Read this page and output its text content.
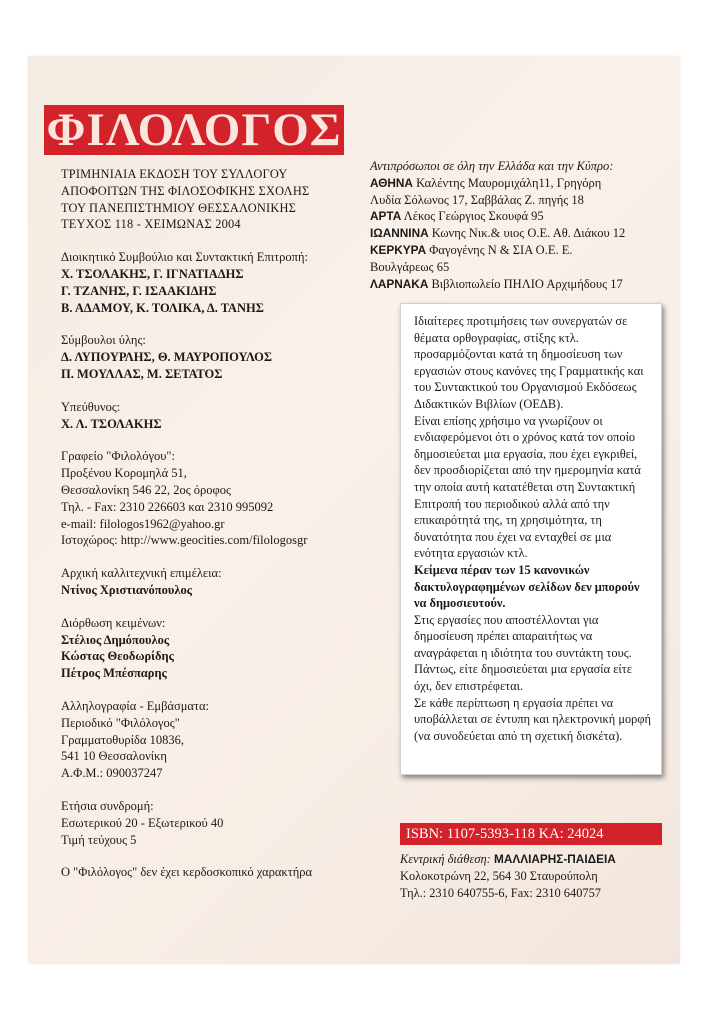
ΦΙΛΟΛΟΓΟΣ
ΤΡΙΜΗΝΙΑΙΑ ΕΚΔΟΣΗ ΤΟΥ ΣΥΛΛΟΓΟΥ
ΑΠΟΦΟΙΤΩΝ ΤΗΣ ΦΙΛΟΣΟΦΙΚΗΣ ΣΧΟΛΗΣ
ΤΟΥ ΠΑΝΕΠΙΣΤΗΜΙΟΥ ΘΕΣΣΑΛΟΝΙΚΗΣ
ΤΕΥΧΟΣ 118 - ΧΕΙΜΩΝΑΣ 2004
Διοικητικό Συμβούλιο και Συντακτική Επιτροπή:
Χ. ΤΣΟΛΑΚΗΣ, Γ. ΙΓΝΑΤΙΑΔΗΣ
Γ. ΤΖΑΝΗΣ, Γ. ΙΣΑΑΚΙΔΗΣ
Β. ΑΔΑΜΟΥ, Κ. ΤΟΛΙΚΑ, Δ. ΤΑΝΗΣ
Σύμβουλοι ύλης:
Δ. ΛΥΠΟΥΡΛΗΣ, Θ. ΜΑΥΡΟΠΟΥΛΟΣ
Π. ΜΟΥΛΛΑΣ, Μ. ΣΕΤΑΤΟΣ
Υπεύθυνος:
Χ. Λ. ΤΣΟΛΑΚΗΣ
Γραφείο "Φιλολόγου":
Προξένου Κορομηλά 51,
Θεσσαλονίκη 546 22, 2ος όροφος
Τηλ. - Fax: 2310 226603 και 2310 995092
e-mail: filologos1962@yahoo.gr
Ιστοχώρος: http://www.geocities.com/filologosgr
Αρχική καλλιτεχνική επιμέλεια:
Ντίνος Χριστιανόπουλος
Διόρθωση κειμένων:
Στέλιος Δημόπουλος
Κώστας Θεοδωρίδης
Πέτρος Μπέσπαρης
Αλληλογραφία - Εμβάσματα:
Περιοδικό "Φιλόλογος"
Γραμματοθυρίδα 10836,
541 10 Θεσσαλονίκη
Α.Φ.Μ.: 090037247
Ετήσια συνδρομή:
Εσωτερικού 20 - Εξωτερικού 40
Τιμή τεύχους 5
Ο "Φιλόλογος" δεν έχει κερδοσκοπικό χαρακτήρα
Αντιπρόσωποι σε όλη την Ελλάδα και την Κύπρο:
ΑΘΗΝΑ Καλέντης Μαυρομιχάλη11, Γρηγόρη
Λυδία Σόλωνος 17, Σαββάλας Ζ. πηγής 18
ΑΡΤΑ Λέκος Γεώργιος Σκουφά 95
ΙΩΑΝΝΙΝΑ Κωνης Νικ.& υιος Ο.Ε. Αθ. Διάκου 12
ΚΕΡΚΥΡΑ Φαγογένης Ν & ΣΙΑ Ο.Ε. Ε.
Βουλγάρεως 65
ΛΑΡΝΑΚΑ Βιβλιοπωλείο ΠΗΛΙΟ Αρχιμήδους 17

Ιδιαίτερες προτιμήσεις των συνεργατών σε θέματα ορθογραφίας, στίξης κτλ. προσαρμόζονται κατά τη δημοσίευση των εργασιών στους κανόνες της Γραμματικής και του Συντακτικού του Οργανισμού Εκδόσεως Διδακτικών Βιβλίων (ΟΕΔΒ).

Είναι επίσης χρήσιμο να γνωρίζουν οι ενδιαφερόμενοι ότι ο χρόνος κατά τον οποίο δημοσιεύεται μια εργασία, που έχει εγκριθεί, δεν προσδιορίζεται από την ημερομηνία κατά την οποία αυτή κατατέθεται στη Συντακτική Επιτροπή του περιοδικού αλλά από την επικαιρότητά της, τη χρησιμότητα, τη δυνατότητα που έχει να ενταχθεί σε μια ενότητα εργασιών κτλ.

Κείμενα πέραν των 15 κανονικών δακτυλογραφημένων σελίδων δεν μπορούν να δημοσιευτούν.

Στις εργασίες που αποστέλλονται για δημοσίευση πρέπει απαραιτήτως να αναγράφεται η ιδιότητα του συντάκτη τους.

Πάντως, είτε δημοσιεύεται μια εργασία είτε όχι, δεν επιστρέφεται.

Σε κάθε περίπτωση η εργασία πρέπει να υποβάλλεται σε έντυπη και ηλεκτρονική μορφή (να συνοδεύεται από τη σχετική δισκέτα).

ISBN: 1107-5393-118 ΚΑ: 24024
Κεντρική διάθεση: ΜΑΛΛΙΑΡΗΣ-ΠΑΙΔΕΙΑ
Κολοκοτρώνη 22, 564 30 Σταυρούπολη
Τηλ.: 2310 640755-6, Fax: 2310 640757
